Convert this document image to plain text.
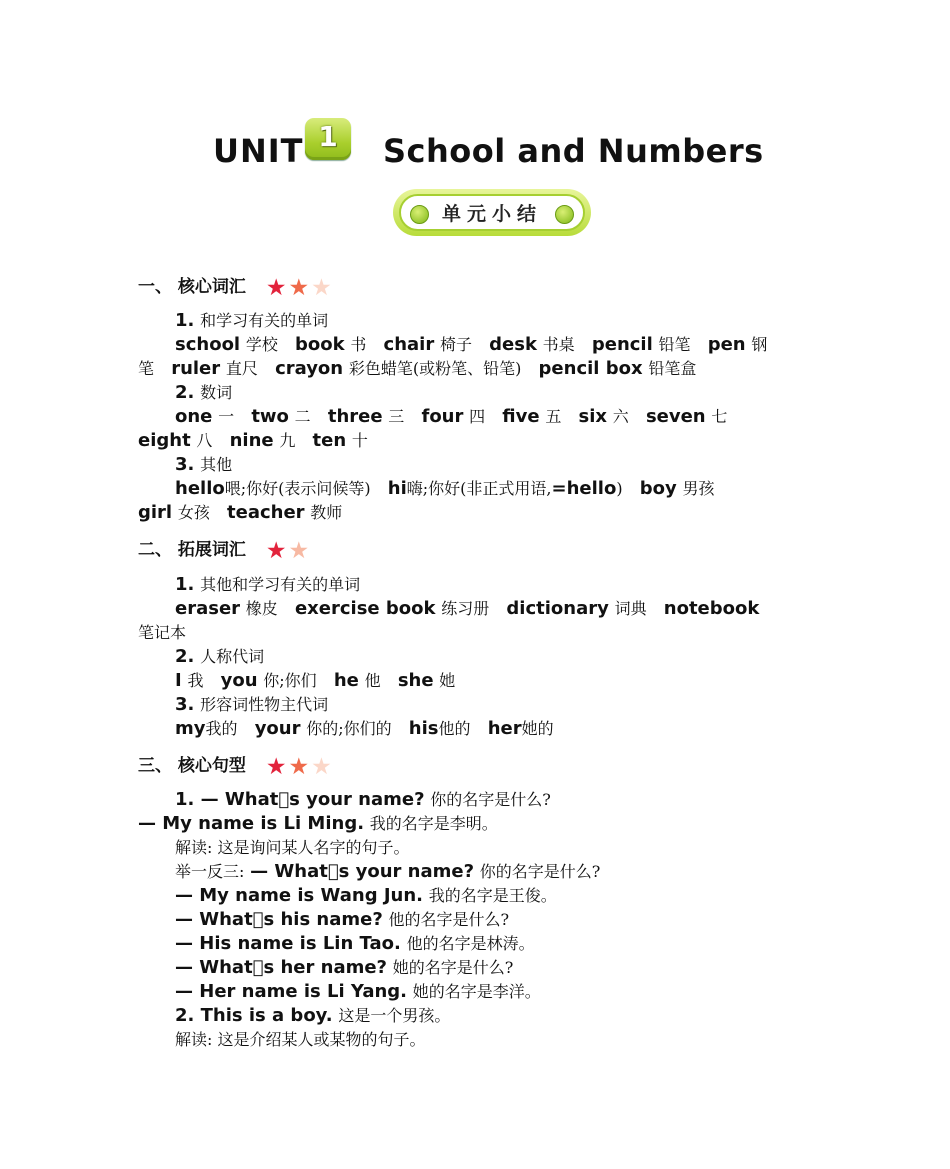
UNIT 1	School and Numbers
单元小结
一、 核心词汇 ★★★
1. 和学习有关的单词
school 学校 book 书 chair 椅子 desk 书桌 pencil 铅笔 pen 钢
笔 ruler 直尺 crayon 彩色蜡笔(或粉笔、铅笔) pencil box 铅笔盒
2. 数词
one 一 two 二 three 三 four 四 five 五 six 六 seven 七
eight 八 nine 九 ten 十
3. 其他
hello喂;你好(表示问候等) hi嗨;你好(非正式用语,=hello) boy 男孩
girl 女孩 teacher 教师
二、 拓展词汇 ★★
1. 其他和学习有关的单词
eraser 橡皮 exercise book 练习册 dictionary 词典 notebook
笔记本
2. 人称代词
I 我 you 你;你们 he 他 she 她
3. 形容词性物主代词
my我的 your 你的;你们的 his他的 her她的
三、 核心句型 ★★★
1. — What s your name? 你的名字是什么?
— My name is Li Ming. 我的名字是李明。
解读: 这是询问某人名字的句子。
举一反三: — What s your name? 你的名字是什么?
— My name is Wang Jun. 我的名字是王俊。
— What s his name? 他的名字是什么?
— His name is Lin Tao. 他的名字是林涛。
— What s her name? 她的名字是什么?
— Her name is Li Yang. 她的名字是李洋。
2. This is a boy. 这是一个男孩。
解读: 这是介绍某人或某物的句子。
